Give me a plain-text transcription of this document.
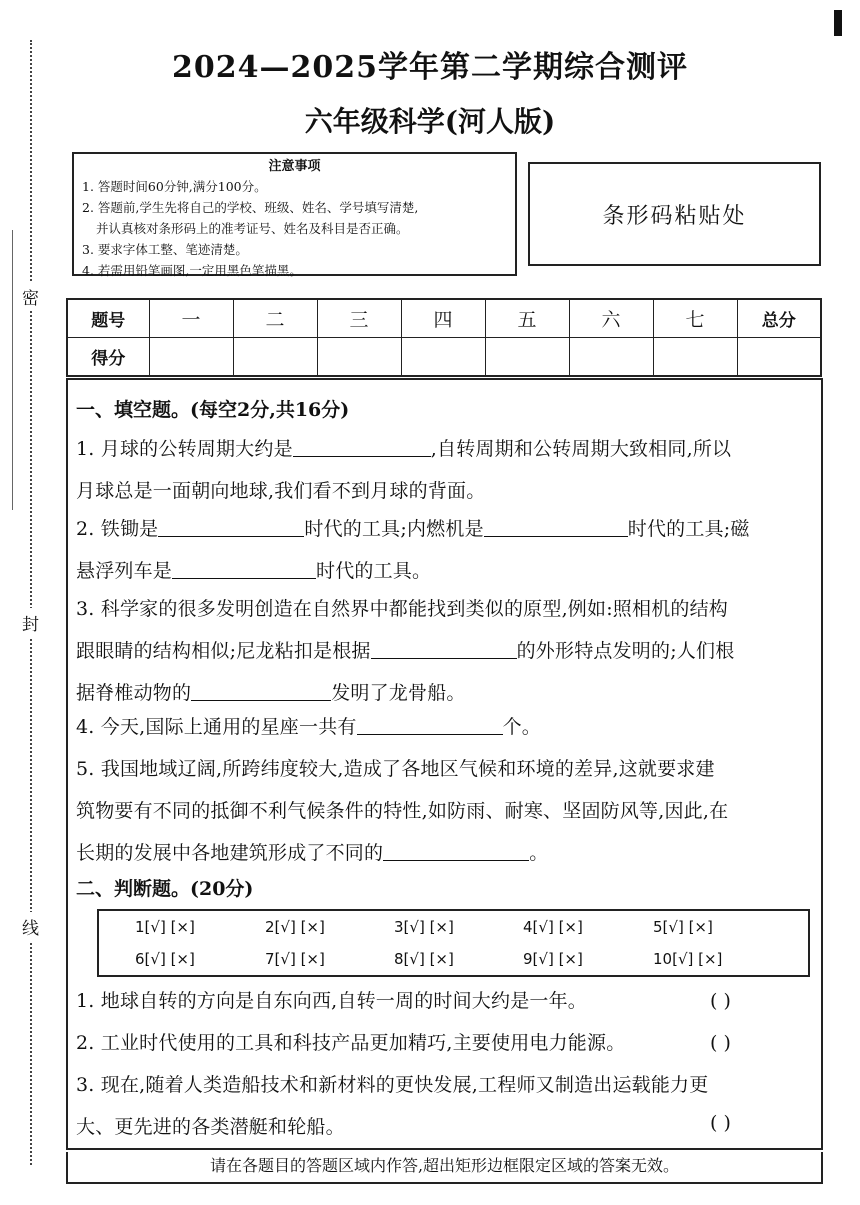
密
封
线
2024—2025学年第二学期综合测评
六年级科学(河人版)
注意事项
1. 答题时间60分钟,满分100分。
2. 答题前,学生先将自己的学校、班级、姓名、学号填写清楚,
并认真核对条形码上的准考证号、姓名及科目是否正确。
3. 要求字体工整、笔迹清楚。
4. 若需用铅笔画图,一定用黑色笔描黑。
条形码粘贴处
题号	一	二	三	四	五	六	七	总分
得分								
一、填空题。(每空2分,共16分)
1. 月球的公转周期大约是	,自转周期和公转周期大致相同,所以
月球总是一面朝向地球,我们看不到月球的背面。
2. 铁锄是	时代的工具;内燃机是	时代的工具;磁
悬浮列车是	时代的工具。
3. 科学家的很多发明创造在自然界中都能找到类似的原型,例如:照相机的结构
跟眼睛的结构相似;尼龙粘扣是根据	的外形特点发明的;人们根
据脊椎动物的	发明了龙骨船。
4. 今天,国际上通用的星座一共有	个。
5. 我国地域辽阔,所跨纬度较大,造成了各地区气候和环境的差异,这就要求建
筑物要有不同的抵御不利气候条件的特性,如防雨、耐寒、坚固防风等,因此,在
长期的发展中各地建筑形成了不同的	。
二、判断题。(20分)
1[√] [×]	2[√] [×]	3[√] [×]	4[√] [×]	5[√] [×]
6[√] [×]	7[√] [×]	8[√] [×]	9[√] [×]	10[√] [×]
1. 地球自转的方向是自东向西,自转一周的时间大约是一年。	( )
2. 工业时代使用的工具和科技产品更加精巧,主要使用电力能源。	( )
3. 现在,随着人类造船技术和新材料的更快发展,工程师又制造出运载能力更
大、更先进的各类潜艇和轮船。	( )
请在各题目的答题区域内作答,超出矩形边框限定区域的答案无效。
